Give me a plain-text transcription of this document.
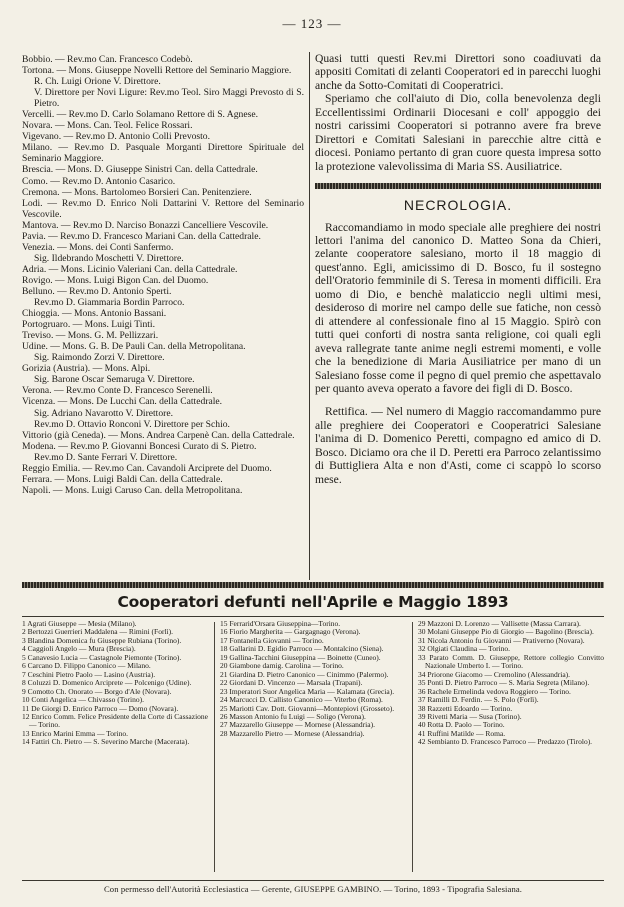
— 123 —

Bobbio. — Rev.mo Can. Francesco Codebò.

Tortona. — Mons. Giuseppe Novelli Rettore del Seminario Maggiore.

R. Ch. Luigi Orione V. Direttore.

V. Direttore per Novi Ligure: Rev.mo Teol. Siro Maggi Prevosto di S. Pietro.

Vercelli. — Rev.mo D. Carlo Solamano Rettore di S. Agnese.

Novara. — Mons. Can. Teol. Felice Rossari.

Vigevano. — Rev.mo D. Antonio Colli Prevosto.

Milano. — Rev.mo D. Pasquale Morganti Direttore Spirituale del Seminario Maggiore.

Brescia. — Mons. D. Giuseppe Sinistri Can. della Cattedrale.

Como. — Rev.mo D. Antonio Casarico.

Cremona. — Mons. Bartolomeo Borsieri Can. Penitenziere.

Lodi. — Rev.mo D. Enrico Noli Dattarini V. Rettore del Seminario Vescovile.

Mantova. — Rev.mo D. Narciso Bonazzi Cancelliere Vescovile.

Pavia. — Rev.mo D. Francesco Mariani Can. della Cattedrale.

Venezia. — Mons. dei Conti Sanfermo.

Sig. Ildebrando Moschetti V. Direttore.

Adria. — Mons. Licinio Valeriani Can. della Cattedrale.

Rovigo. — Mons. Luigi Bigon Can. del Duomo.

Belluno. — Rev.mo D. Antonio Sperti.

Rev.mo D. Giammaria Bordin Parroco.

Chioggia. — Mons. Antonio Bassani.

Portogruaro. — Mons. Luigi Tinti.

Treviso. — Mons. G. M. Pellizzari.

Udine. — Mons. G. B. De Pauli Can. della Metropolitana.

Sig. Raimondo Zorzi V. Direttore.

Gorizia (Austria). — Mons. Alpi.

Sig. Barone Oscar Semaruga V. Direttore.

Verona. — Rev.mo Conte D. Francesco Serenelli.

Vicenza. — Mons. De Lucchi Can. della Cattedrale.

Sig. Adriano Navarotto V. Direttore.

Rev.mo D. Ottavio Ronconi V. Direttore per Schio.

Vittorio (già Ceneda). — Mons. Andrea Carpenè Can. della Cattedrale.

Modena. — Rev.mo P. Giovanni Boncesi Curato di S. Pietro.

Rev.mo D. Sante Ferrari V. Direttore.

Reggio Emilia. — Rev.mo Can. Cavandoli Arciprete del Duomo.

Ferrara. — Mons. Luigi Baldi Can. della Cattedrale.

Napoli. — Mons. Luigi Caruso Can. della Metropolitana.

Quasi tutti questi Rev.mi Direttori sono coadiuvati da appositi Comitati di zelanti Cooperatori ed in parecchi luoghi anche da Sotto-Comitati di Cooperatrici.

Speriamo che coll'aiuto di Dio, colla benevolenza degli Eccellentissimi Ordinarii Diocesani e coll' appoggio dei nostri carissimi Cooperatori si potranno avere fra breve Direttori e Comitati Salesiani in parecchie altre città e diocesi. Poniamo pertanto di gran cuore questa impresa sotto la protezione valevolissima di Maria SS. Ausiliatrice.

NECROLOGIA.

Raccomandiamo in modo speciale alle preghiere dei nostri lettori l'anima del canonico D. Matteo Sona da Chieri, zelante cooperatore salesiano, morto il 18 maggio di quest'anno. Egli, amicissimo di D. Bosco, fu il sostegno dell'Oratorio femminile di S. Teresa in momenti difficili. Era uomo di Dio, e benchè malaticcio negli ultimi mesi, desideroso di morire nel campo delle sue fatiche, non cessò di attendere al confessionale fino al 15 Maggio. Spirò con tutti quei conforti di nostra santa religione, coi quali egli aveva rallegrate tante anime negli estremi momenti, e volle che la benedizione di Maria Ausiliatrice per mano di un Salesiano fosse come il pegno di quel premio che aspettavalo per quanto aveva operato a favore dei figli di D. Bosco.

Rettifica. — Nel numero di Maggio raccomandammo pure alle preghiere dei Cooperatori e Cooperatrici Salesiane l'anima di D. Domenico Peretti, compagno ed amico di D. Bosco. Diciamo ora che il D. Peretti era Parroco zelantissimo di Buttigliera Alta e non d'Asti, come ci scappò lo scorso mese.

Cooperatori defunti nell'Aprile e Maggio 1893

1 Agrati Giuseppe — Mesia (Milano).

2 Bertozzi Guerrieri Maddalena — Rimini (Forlì).

3 Blandina Domenica fu Giuseppe Rubiana (Torino).

4 Caggioli Angelo — Mura (Brescia).

5 Canavesio Lucia — Castagnole Piemonte (Torino).

6 Carcano D. Filippo Canonico — Milano.

7 Ceschini Pietro Paolo — Lasino (Austria).

8 Coluzzi D. Domenico Arciprete — Polcenigo (Udine).

9 Comotto Ch. Onorato — Borgo d'Ale (Novara).

10 Conti Angelica — Chivasso (Torino).

11 De Giorgi D. Enrico Parroco — Domo (Novara).

12 Enrico Comm. Felice Presidente della Corte di Cassazione — Torino.

13 Enrico Marini Emma — Torino.

14 Fattiri Ch. Pietro — S. Severino Marche (Macerata).

15 Ferrarid'Orsara Giuseppina—Torino.

16 Fiorio Margherita — Gargagnago (Verona).

17 Fontanella Giovanni — Torino.

18 Gallarini D. Egidio Parroco — Montalcino (Siena).

19 Gallina-Tacchini Giuseppina — Boinette (Cuneo).

20 Giambone damig. Carolina — Torino.

21 Giardina D. Pietro Canonico — Cinimmo (Palermo).

22 Giordani D. Vincenzo — Marsala (Trapani).

23 Imperatori Suor Angelica Maria — Kalamata (Grecia).

24 Marcucci D. Callisto Canonico — Viterbo (Roma).

25 Mariotti Cav. Dott. Giovanni—Montepiovi (Grosseto).

26 Masson Antonio fu Luigi — Soligo (Verona).

27 Mazzarello Giuseppe — Mornese (Alessandria).

28 Mazzarello Pietro — Mornese (Alessandria).

29 Mazzoni D. Lorenzo — Vallisette (Massa Carrara).

30 Molani Giuseppe Pio di Giorgio — Bagolino (Brescia).

31 Nicola Antonio fu Giovanni — Prativerno (Novara).

32 Olgiati Claudina — Torino.

33 Parato Comm. D. Giuseppe, Rettore collegio Convitto Nazionale Umberto I. — Torino.

34 Priorone Giacomo — Cremolino (Alessandria).

35 Ponti D. Pietro Parroco — S. Maria Segreta (Milano).

36 Rachele Ermelinda vedova Roggiero — Torino.

37 Ramilli D. Ferdin. — S. Polo (Forlì).

38 Razzetti Edoardo — Torino.

39 Rivetti Maria — Susa (Torino).

40 Rotta D. Paolo — Torino.

41 Ruffini Matilde — Roma.

42 Sembianto D. Francesco Parroco — Predazzo (Tirolo).

Con permesso dell'Autorità Ecclesiastica — Gerente, GIUSEPPE GAMBINO. — Torino, 1893 - Tipografia Salesiana.
